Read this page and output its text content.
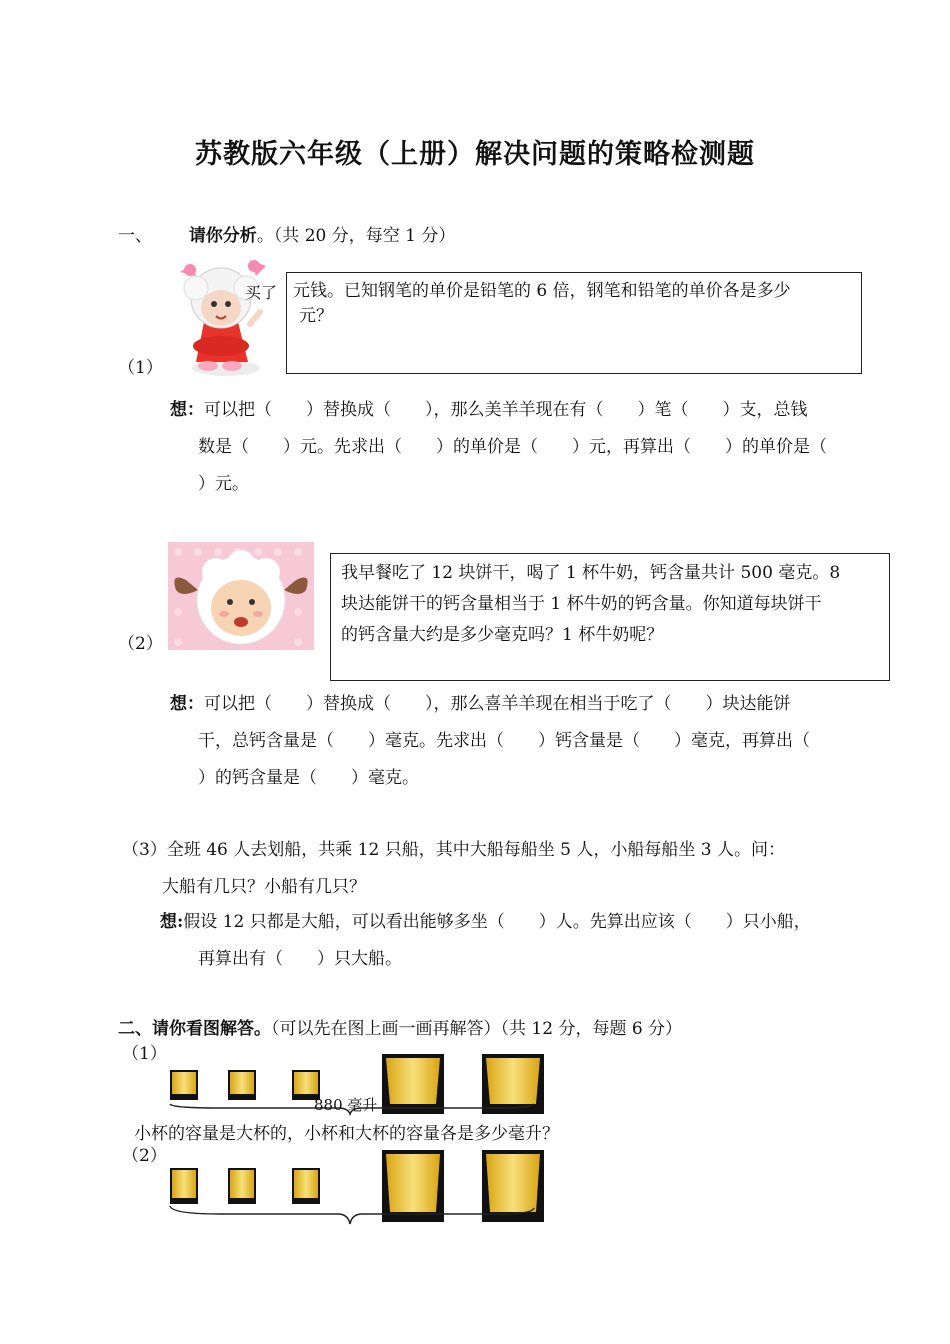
苏教版六年级（上册）解决问题的策略检测题
一、 请你分析。（共 20 分，每空 1 分）
（1）
买了 元钱。已知钢笔的单价是铅笔的 6 倍，钢笔和铅笔的单价各是多少
元？
想：可以把（　　）替换成（　　），那么美羊羊现在有（　　）笔（　　）支，总钱
数是（　　）元。先求出（　　）的单价是（　　）元，再算出（　　）的单价是（
）元。
（2）
我早餐吃了 12 块饼干，喝了 1 杯牛奶，钙含量共计 500 毫克。8
块达能饼干的钙含量相当于 1 杯牛奶的钙含量。你知道每块饼干
的钙含量大约是多少毫克吗？1 杯牛奶呢？
想：可以把（　　）替换成（　　），那么喜羊羊现在相当于吃了（　　）块达能饼
干，总钙含量是（　　）毫克。先求出（　　）钙含量是（　　）毫克，再算出（
）的钙含量是（　　）毫克。
（3）全班 46 人去划船，共乘 12 只船，其中大船每船坐 5 人，小船每船坐 3 人。问：
大船有几只？小船有几只？
想:假设 12 只都是大船，可以看出能够多坐（　　）人。先算出应该（　　）只小船，
再算出有（　　）只大船。
二、请你看图解答。（可以先在图上画一画再解答）（共 12 分，每题 6 分）
（1）
880 毫升
小杯的容量是大杯的，小杯和大杯的容量各是多少毫升？
（2）
